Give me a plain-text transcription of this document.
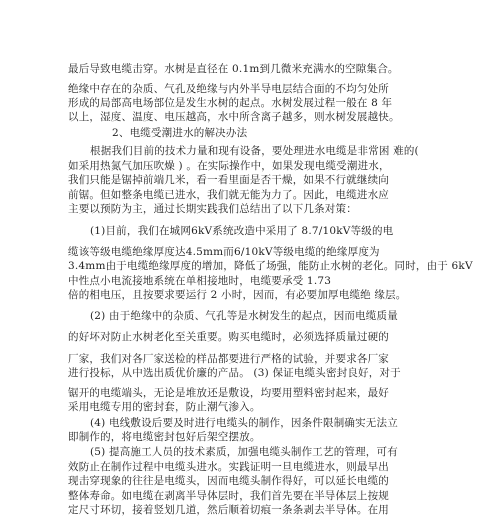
最后导致电缆击穿。水树是直径在 0.1m到几微米充满水的空隙集合。
绝缘中存在的杂质、气孔及绝缘与内外半导电层结合面的不均匀处所
形成的局部高电场部位是发生水树的起点。水树发展过程一般在 8 年
以上，湿度、温度、电压越高，水中所含离子越多，则水树发展越快。
2、电缆受潮进水的解决办法
根据我们目前的技术力量和现有设备，要处理进水电缆是非常困 难的(
如采用热氮气加压吹燥 ) 。在实际操作中，如果发现电缆受潮进水，
我们只能是锯掉前端几米，看一看里面是否干燥，如果不行就继续向
前锯。但如整条电缆已进水，我们就无能为力了。因此，电缆进水应
主要以预防为主，通过长期实践我们总结出了以下几条对策：
(1)目前，我们在城网6kV系统改造中采用了 8.7/10kV等级的电
缆该等级电缆绝缘厚度达4.5mm而6/10kV等级电缆的绝缘厚度为
3.4mm由于电缆绝缘厚度的增加，降低了场强，能防止水树的老化。同时，由于 6kV
中性点小电流接地系统在单相接地时，电缆要承受 1.73
倍的相电压，且按要求要运行 2 小时，因而，有必要加厚电缆绝 缘层。
(2) 由于绝缘中的杂质、气孔等是水树发生的起点，因而电缆质量
的好坏对防止水树老化至关重要。购买电缆时，必须选择质量过硬的
厂家，我们对各厂家送检的样品都要进行严格的试验，并要求各厂家
进行投标，从中选出质优价廉的产品。 (3) 保证电缆头密封良好，对于
锯开的电缆端头，无论是堆放还是敷设，均要用塑料密封起来，最好
采用电缆专用的密封套，防止潮气渗入。
(4) 电线敷设后要及时进行电缆头的制作，因条件限制确实无法立
即制作的，将电缆密封包好后架空摆放。
(5) 提高施工人员的技术素质，加强电缆头制作工艺的管理，可有
效防止在制作过程中电缆头进水。实践证明一旦电缆进水，则最早出
现击穿现象的往往是电缆头，因而电缆头制作得好，可以延长电缆的
整体寿命。如电缆在剥离半导体层时，我们首先要在半导体层上按规
定尺寸环切，接着竖划几道，然后顺着切痕一条条剥去半导体。在用
